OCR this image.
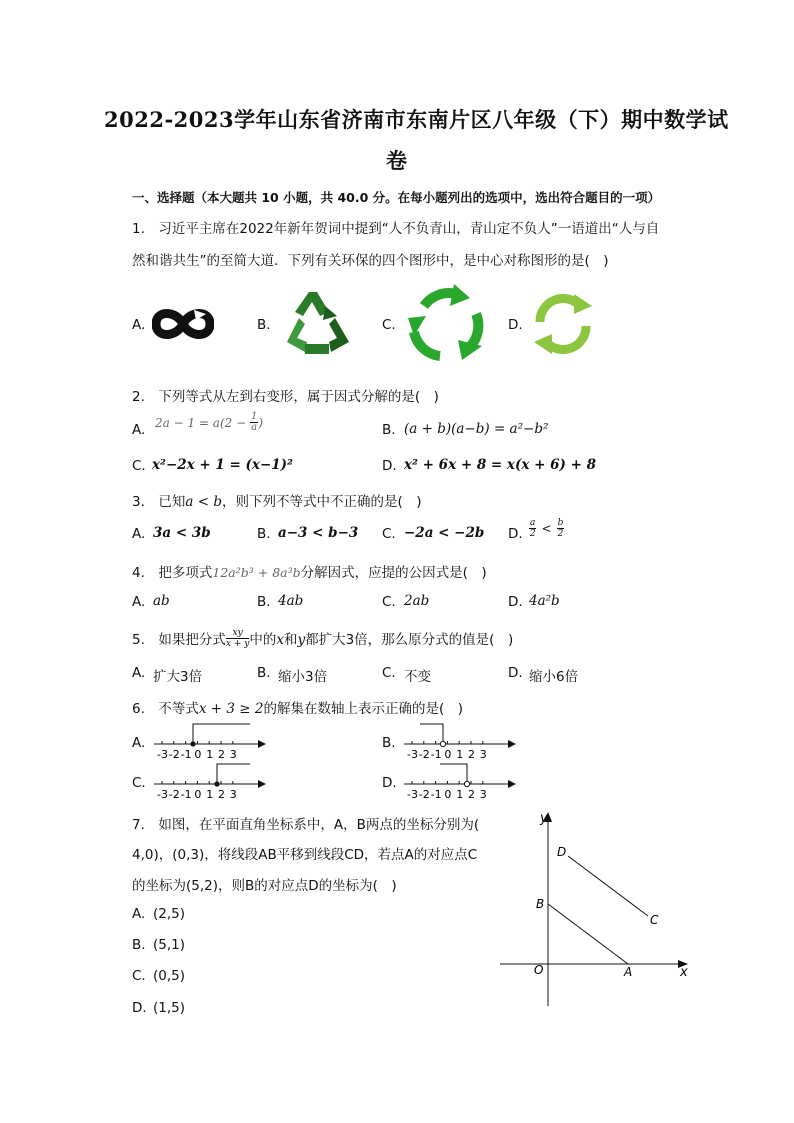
2022-2023学年山东省济南市东南片区八年级（下）期中数学试
卷
一、选择题（本大题共 10 小题，共 40.0 分。在每小题列出的选项中，选出符合题目的一项）
1.　习近平主席在2022年新年贺词中提到“人不负青山，青山定不负人”一语道出“人与自
然和谐共生”的至简大道．下列有关环保的四个图形中，是中心对称图形的是(　)
A.	B.	C.	D.
2.　下列等式从左到右变形，属于因式分解的是(　)
A. $2a - 1 = a(2 - \frac{1}{a}$ )	B. (a + b)(a−b) = a²−b²
C. x²−2x + 1 = (x−1)²	D. x² + 6x + 8 = x(x + 6) + 8
3.　已知a < b，则下列不等式中不正确的是(　)
A. 3a < 3b	B. a−3 < b−3 C. −2a < −2b D. $\frac{a}{2} < \frac{b}{2}$
4.　把多项式12a²b³ + 8a³b分解因式，应提的公因式是(　)
A. ab	B. 4ab	C. 2ab	D. 4a²b
5.　如果把分式 $\frac{xy}{x + y}$ 中的x和y都扩大3倍，那么原分式的值是(　)
A. 扩大3倍	B. 缩小3倍	C. 不变	D. 缩小6倍
6.　不等式x + 3 ≥ 2的解集在数轴上表示正确的是(　)
A.	B.
C.	D.
-3 -2 -1 0 1 2 3	-3 -2 -1 0 1 2 3
-3 -2 -1 0 1 2 3	-3 -2 -1 0 1 2 3
7.　如图，在平面直角坐标系中，A，B两点的坐标分别为(
4,0)，(0,3)，将线段AB平移到线段CD，若点A的对应点C
的坐标为(5,2)，则B的对应点D的坐标为(　)
A. (2,5)
B. (5,1)
C. (0,5)
D. (1,5)
y
x
O	A
B
C
D
